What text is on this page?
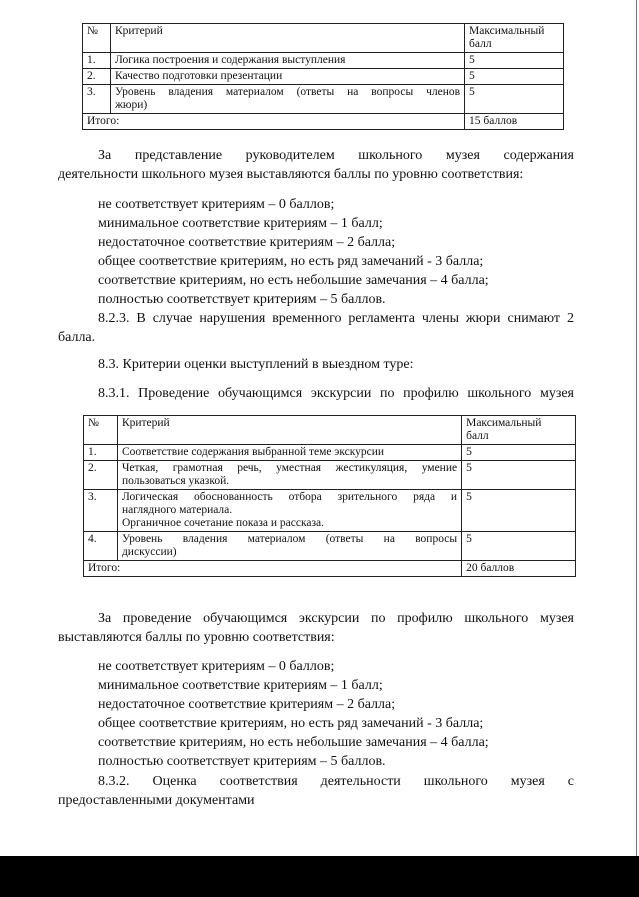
№	Критерий	Максимальный
балл
1.	Логика построения и содержания выступления	5
2.	Качество подготовки презентации	5
3.	Уровень владения материалом (ответы на вопросы членов
жюри)	5
Итого:		15 баллов
За представление руководителем школьного музея содержания
деятельности школьного музея выставляются баллы по уровню соответствия:
не соответствует критериям – 0 баллов;
минимальное соответствие критериям – 1 балл;
недостаточное соответствие критериям – 2 балла;
общее соответствие критериям, но есть ряд замечаний - 3 балла;
соответствие критериям, но есть небольшие замечания – 4 балла;
полностью соответствует критериям – 5 баллов.
8.2.3. В случае нарушения временного регламента члены жюри снимают 2
балла.
8.3. Критерии оценки выступлений в выездном туре:
8.3.1. Проведение обучающимся экскурсии по профилю школьного музея
№	Критерий	Максимальный
балл
1.	Соответствие содержания выбранной теме экскурсии	5
2.	Четкая, грамотная речь, уместная жестикуляция, умение
пользоваться указкой.	5
3.	Логическая обоснованность отбора зрительного ряда и
наглядного материала.
Органичное сочетание показа и рассказа.	5
4.	Уровень владения материалом (ответы на вопросы
дискуссии)	5
Итого:		20 баллов
За проведение обучающимся экскурсии по профилю школьного музея
выставляются баллы по уровню соответствия:
не соответствует критериям – 0 баллов;
минимальное соответствие критериям – 1 балл;
недостаточное соответствие критериям – 2 балла;
общее соответствие критериям, но есть ряд замечаний - 3 балла;
соответствие критериям, но есть небольшие замечания – 4 балла;
полностью соответствует критериям – 5 баллов.
8.3.2. Оценка соответствия деятельности школьного музея с
предоставленными документами
